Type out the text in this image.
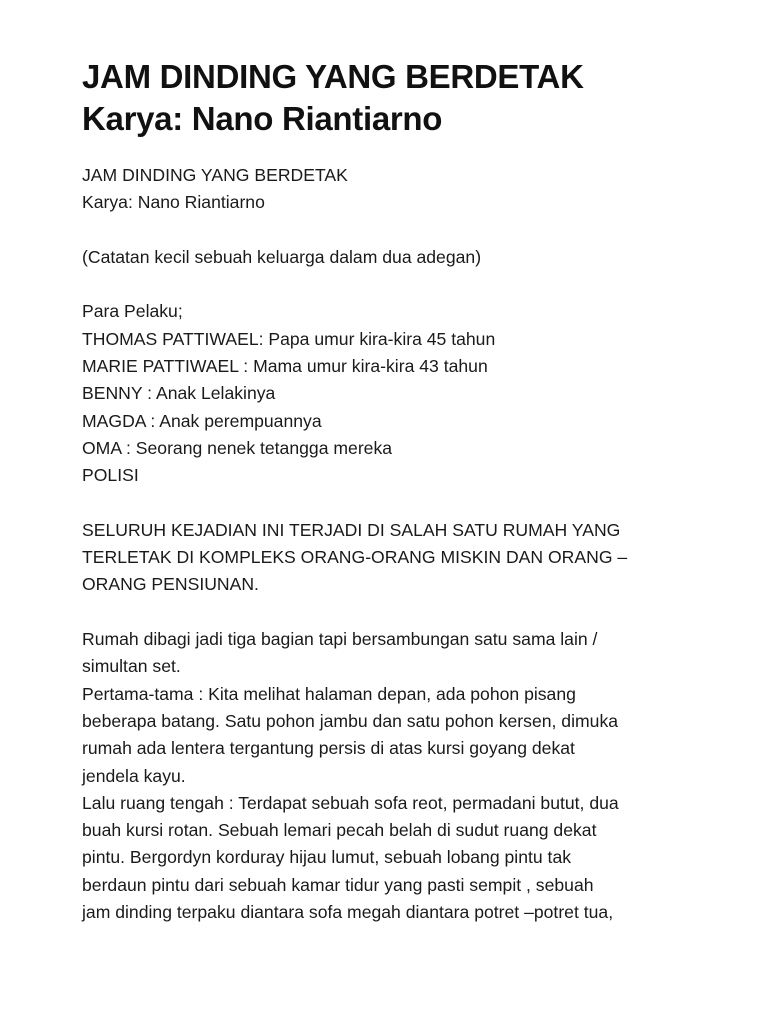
JAM DINDING YANG BERDETAK
Karya: Nano Riantiarno
JAM DINDING YANG BERDETAK
Karya: Nano Riantiarno
(Catatan kecil sebuah keluarga dalam dua adegan)
Para Pelaku;
THOMAS PATTIWAEL: Papa umur kira-kira 45 tahun
MARIE PATTIWAEL : Mama umur kira-kira 43 tahun
BENNY : Anak Lelakinya
MAGDA : Anak perempuannya
OMA : Seorang nenek tetangga mereka
POLISI
SELURUH KEJADIAN INI TERJADI DI SALAH SATU RUMAH YANG
TERLETAK DI KOMPLEKS ORANG-ORANG MISKIN DAN ORANG –
ORANG PENSIUNAN.
Rumah dibagi jadi tiga bagian tapi bersambungan satu sama lain /
simultan set.
Pertama-tama : Kita melihat halaman depan, ada pohon pisang
beberapa batang. Satu pohon jambu dan satu pohon kersen, dimuka
rumah ada lentera tergantung persis di atas kursi goyang dekat
jendela kayu.
Lalu ruang tengah : Terdapat sebuah sofa reot, permadani butut, dua
buah kursi rotan. Sebuah lemari pecah belah di sudut ruang dekat
pintu. Bergordyn korduray hijau lumut, sebuah lobang pintu tak
berdaun pintu dari sebuah kamar tidur yang pasti sempit , sebuah
jam dinding terpaku diantara sofa megah diantara potret –potret tua,
